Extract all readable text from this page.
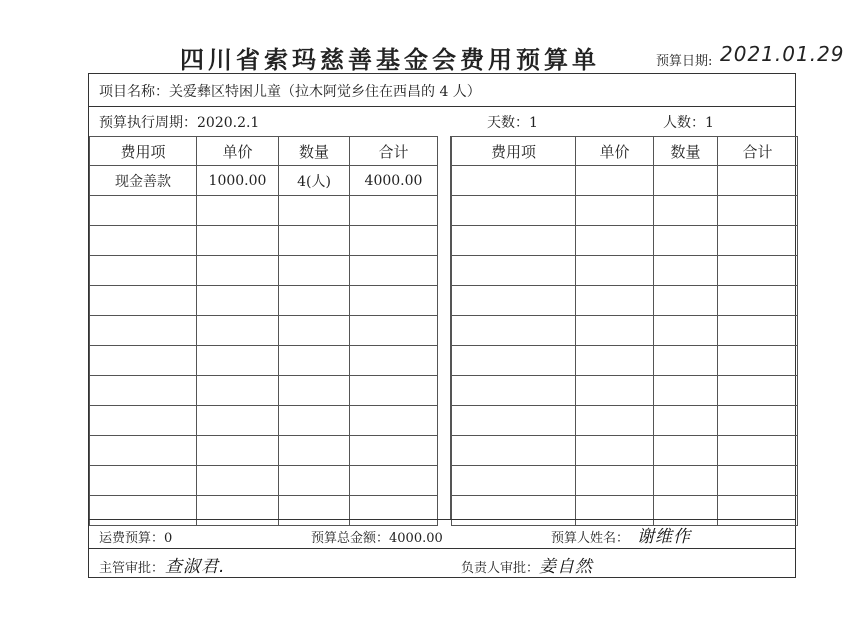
四川省索玛慈善基金会费用预算单	预算日期: 2021.01.29
项目名称：关爱彝区特困儿童（拉木阿觉乡住在西昌的 4 人）
预算执行周期：2020.2.1	天数：1	人数：1
费用项	单价	数量	合计
现金善款	1000.00	4(人)	4000.00

费用项	单价	数量	合计

运费预算：0	预算总金额：4000.00	预算人姓名： 谢维作
主管审批： 查淑君.	负责人审批： 姜自然
